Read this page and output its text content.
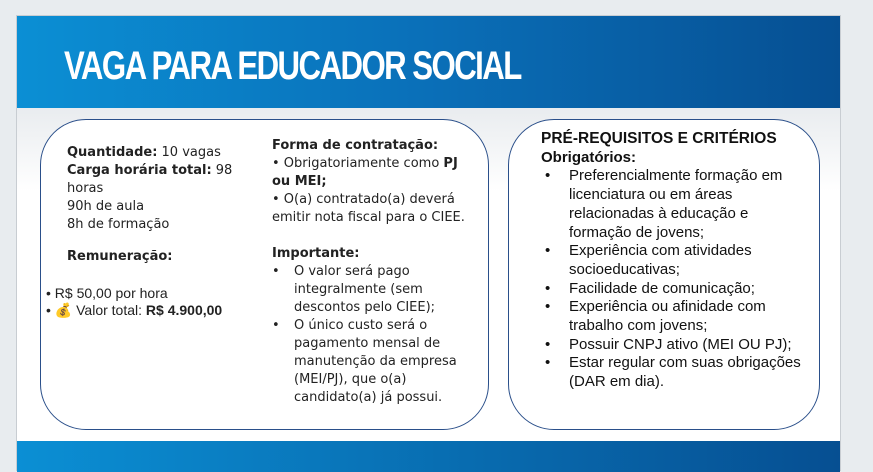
VAGA PARA EDUCADOR SOCIAL
Quantidade: 10 vagas
Carga horária total: 98
horas
90h de aula
8h de formação
Remuneração:
• R$ 50,00 por hora
• 💰 Valor total: R$ 4.900,00
Forma de contratação:
• Obrigatoriamente como PJ ou MEI;
• O(a) contratado(a) deverá emitir nota fiscal para o CIEE.
Importante:
•	O valor será pago integralmente (sem descontos pelo CIEE);
•	O único custo será o pagamento mensal de manutenção da empresa (MEI/PJ), que o(a) candidato(a) já possui.
PRÉ-REQUISITOS E CRITÉRIOS
Obrigatórios:
•	Preferencialmente formação em licenciatura ou em áreas relacionadas à educação e formação de jovens;
•	Experiência com atividades socioeducativas;
•	Facilidade de comunicação;
•	Experiência ou afinidade com trabalho com jovens;
•	Possuir CNPJ ativo (MEI OU PJ);
•	Estar regular com suas obrigações (DAR em dia).
